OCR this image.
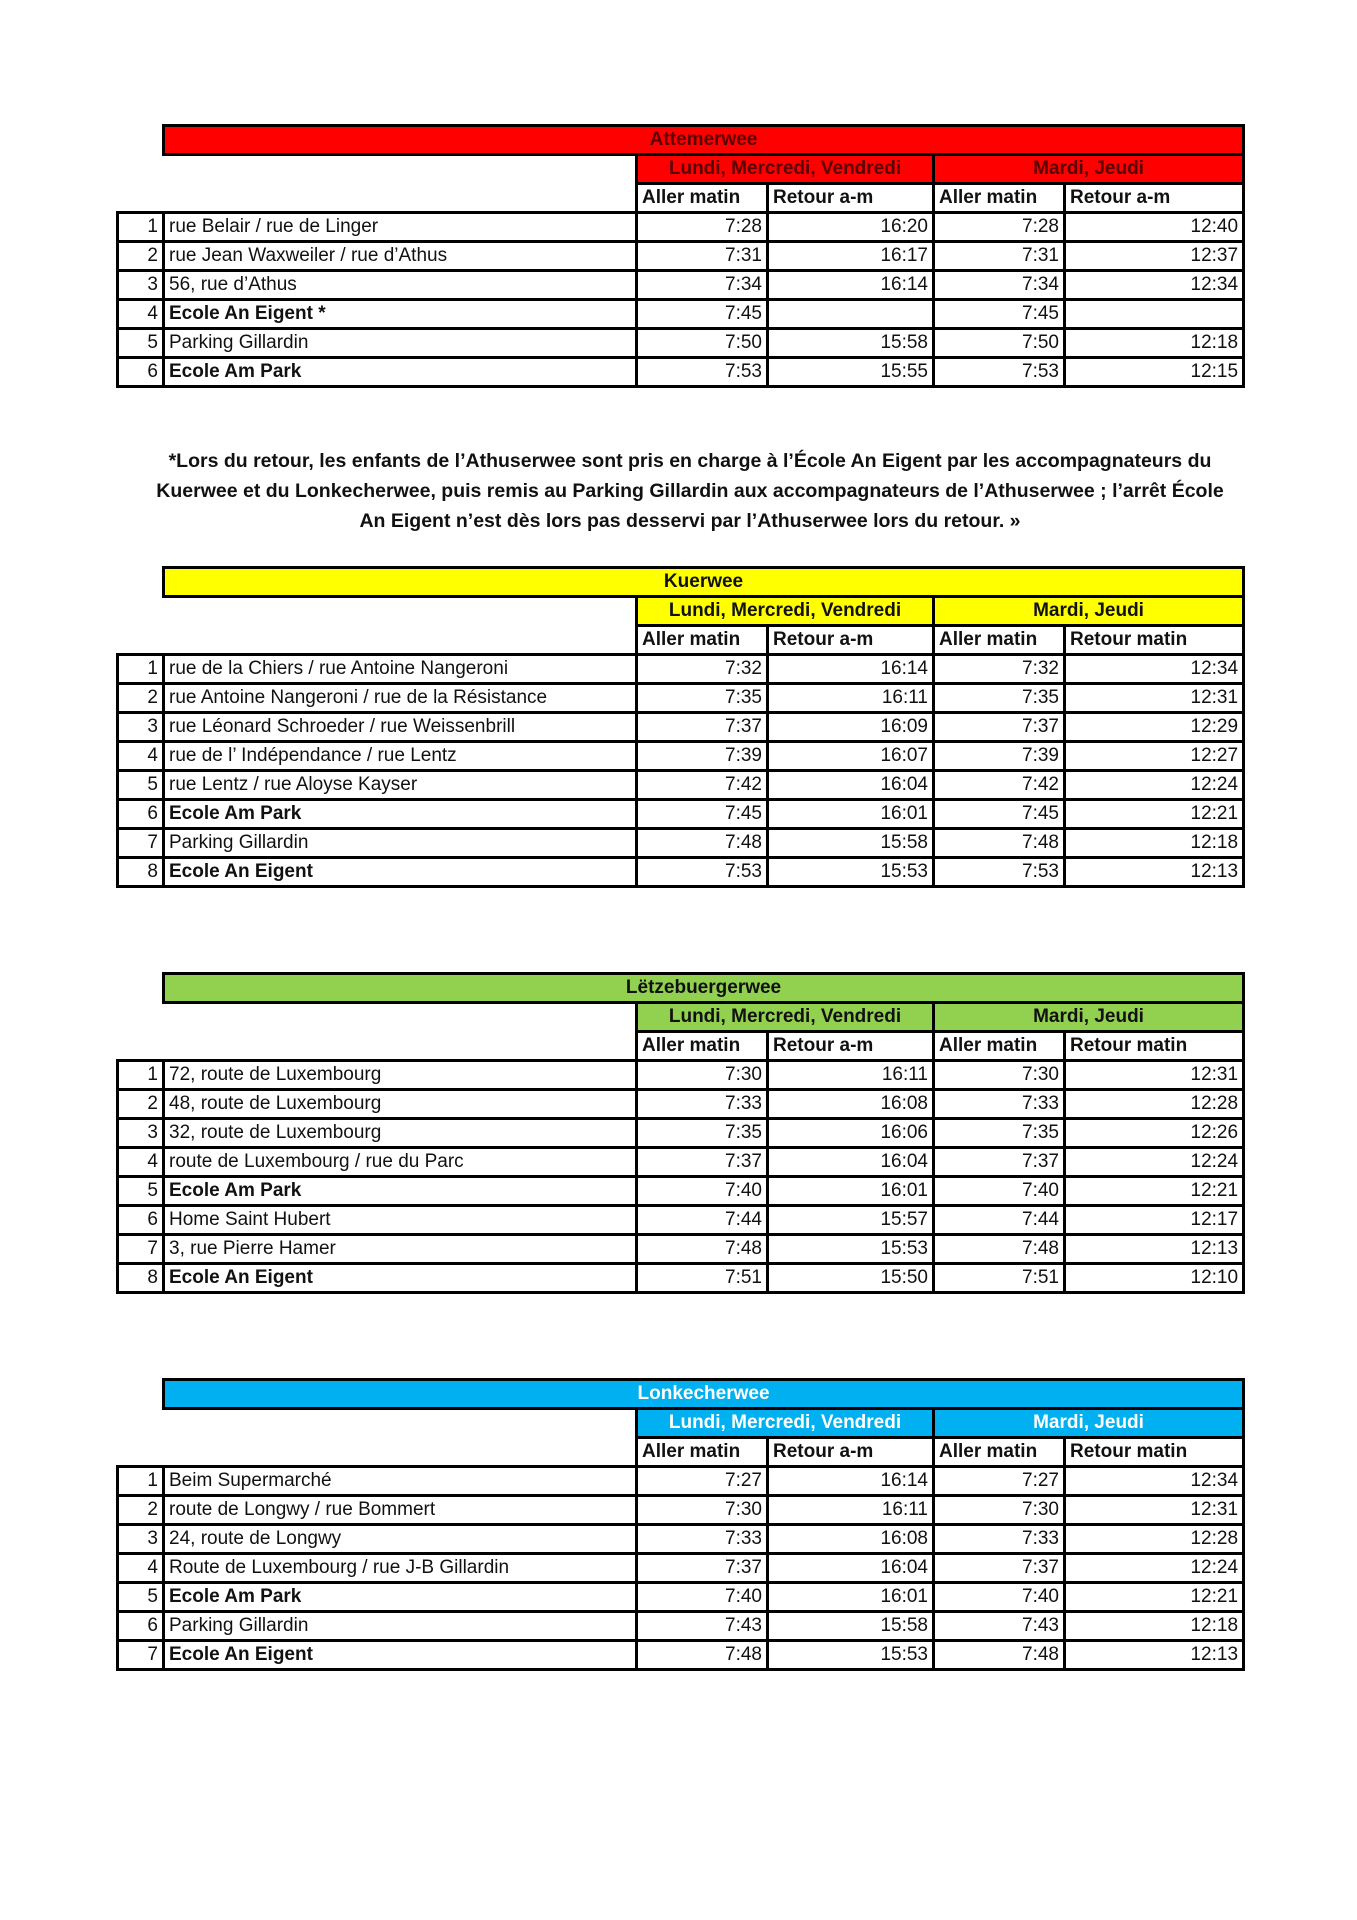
	Attemerwee				
		Lundi, Mercredi, Vendredi		Mardi, Jeudi	
		Aller matin	Retour a-m	Aller matin	Retour a-m
1	rue Belair / rue de Linger	7:28	16:20	7:28	12:40
2	rue Jean Waxweiler / rue d’Athus	7:31	16:17	7:31	12:37
3	56, rue d’Athus	7:34	16:14	7:34	12:34
4	Ecole An Eigent *	7:45		7:45	
5	Parking Gillardin	7:50	15:58	7:50	12:18
6	Ecole Am Park	7:53	15:55	7:53	12:15
*Lors du retour, les enfants de l’Athuserwee sont pris en charge à l’École An Eigent par les accompagnateurs du
Kuerwee et du Lonkecherwee, puis remis au Parking Gillardin aux accompagnateurs de l’Athuserwee ; l’arrêt École
An Eigent n’est dès lors pas desservi par l’Athuserwee lors du retour. »
	Kuerwee				
		Lundi, Mercredi, Vendredi		Mardi, Jeudi	
		Aller matin	Retour a-m	Aller matin	Retour matin
1	rue de la Chiers / rue Antoine Nangeroni	7:32	16:14	7:32	12:34
2	rue Antoine Nangeroni / rue de la Résistance	7:35	16:11	7:35	12:31
3	rue Léonard Schroeder / rue Weissenbrill	7:37	16:09	7:37	12:29
4	rue de l’ Indépendance / rue Lentz	7:39	16:07	7:39	12:27
5	rue Lentz / rue Aloyse Kayser	7:42	16:04	7:42	12:24
6	Ecole Am Park	7:45	16:01	7:45	12:21
7	Parking Gillardin	7:48	15:58	7:48	12:18
8	Ecole An Eigent	7:53	15:53	7:53	12:13
	Lëtzebuergerwee				
		Lundi, Mercredi, Vendredi		Mardi, Jeudi	
		Aller matin	Retour a-m	Aller matin	Retour matin
1	72, route de Luxembourg	7:30	16:11	7:30	12:31
2	48, route de Luxembourg	7:33	16:08	7:33	12:28
3	32, route de Luxembourg	7:35	16:06	7:35	12:26
4	route de Luxembourg / rue du Parc	7:37	16:04	7:37	12:24
5	Ecole Am Park	7:40	16:01	7:40	12:21
6	Home Saint Hubert	7:44	15:57	7:44	12:17
7	3, rue Pierre Hamer	7:48	15:53	7:48	12:13
8	Ecole An Eigent	7:51	15:50	7:51	12:10
	Lonkecherwee				
		Lundi, Mercredi, Vendredi		Mardi, Jeudi	
		Aller matin	Retour a-m	Aller matin	Retour matin
1	Beim Supermarché	7:27	16:14	7:27	12:34
2	route de Longwy / rue Bommert	7:30	16:11	7:30	12:31
3	24, route de Longwy	7:33	16:08	7:33	12:28
4	Route de Luxembourg / rue J-B Gillardin	7:37	16:04	7:37	12:24
5	Ecole Am Park	7:40	16:01	7:40	12:21
6	Parking Gillardin	7:43	15:58	7:43	12:18
7	Ecole An Eigent	7:48	15:53	7:48	12:13
